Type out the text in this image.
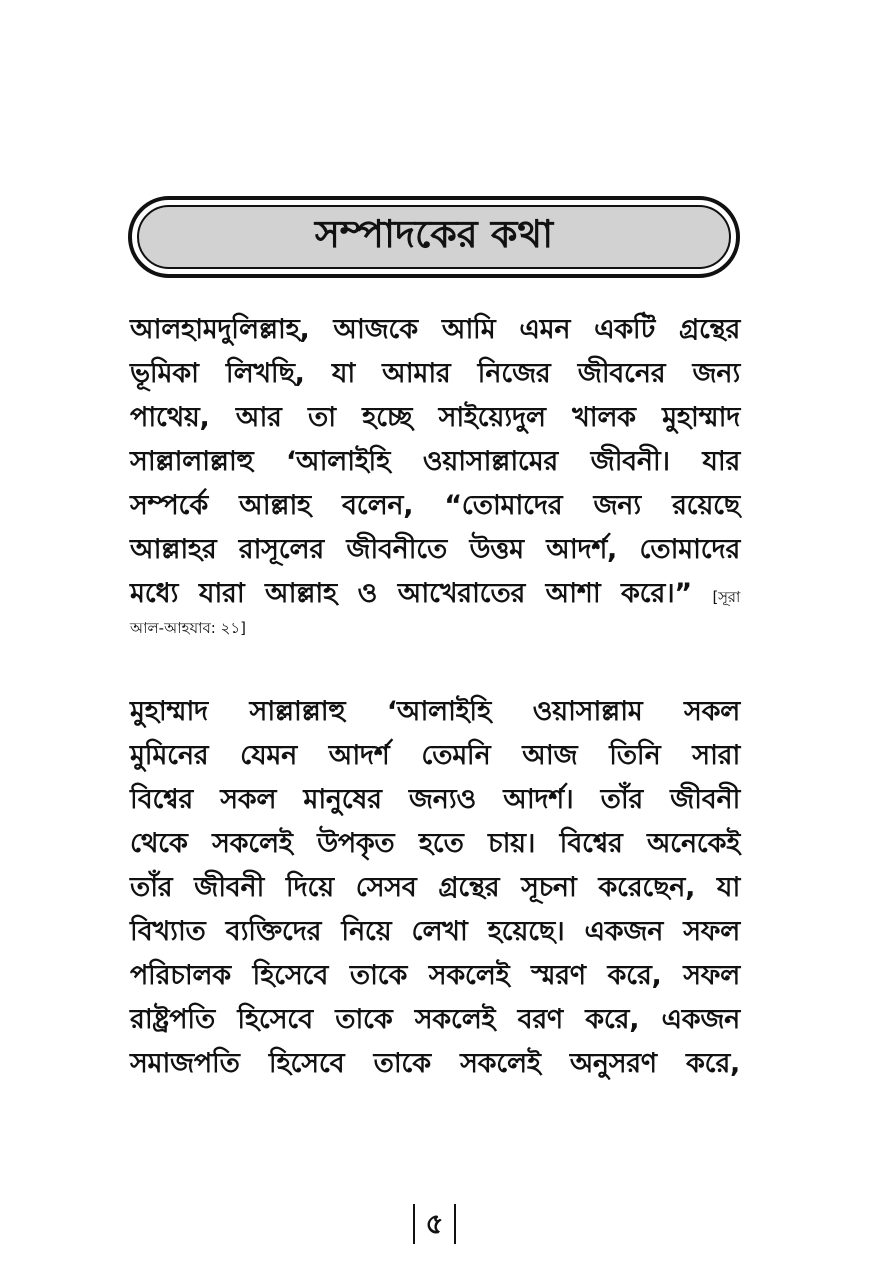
সম্পাদকের কথা
আলহামদুলিল্লাহ, আজকে আমি এমন একটি গ্রন্থের
ভূমিকা লিখছি, যা আমার নিজের জীবনের জন্য
পাথেয়, আর তা হচ্ছে সাইয়্যেদুল খালক মুহাম্মাদ
সাল্লালাল্লাহু ‘আলাইহি ওয়াসাল্লামের জীবনী। যার
সম্পর্কে আল্লাহ বলেন, “তোমাদের জন্য রয়েছে
আল্লাহর রাসূলের জীবনীতে উত্তম আদর্শ, তোমাদের
মধ্যে যারা আল্লাহ ও আখেরাতের আশা করে।” [সূরা
আল-আহযাব: ২১]
মুহাম্মাদ সাল্লাল্লাহু ‘আলাইহি ওয়াসাল্লাম সকল
মুমিনের যেমন আদর্শ তেমনি আজ তিনি সারা
বিশ্বের সকল মানুষের জন্যও আদর্শ। তাঁর জীবনী
থেকে সকলেই উপকৃত হতে চায়। বিশ্বের অনেকেই
তাঁর জীবনী দিয়ে সেসব গ্রন্থের সূচনা করেছেন, যা
বিখ্যাত ব্যক্তিদের নিয়ে লেখা হয়েছে। একজন সফল
পরিচালক হিসেবে তাকে সকলেই স্মরণ করে, সফল
রাষ্ট্রপতি হিসেবে তাকে সকলেই বরণ করে, একজন
সমাজপতি হিসেবে তাকে সকলেই অনুসরণ করে,
৫
